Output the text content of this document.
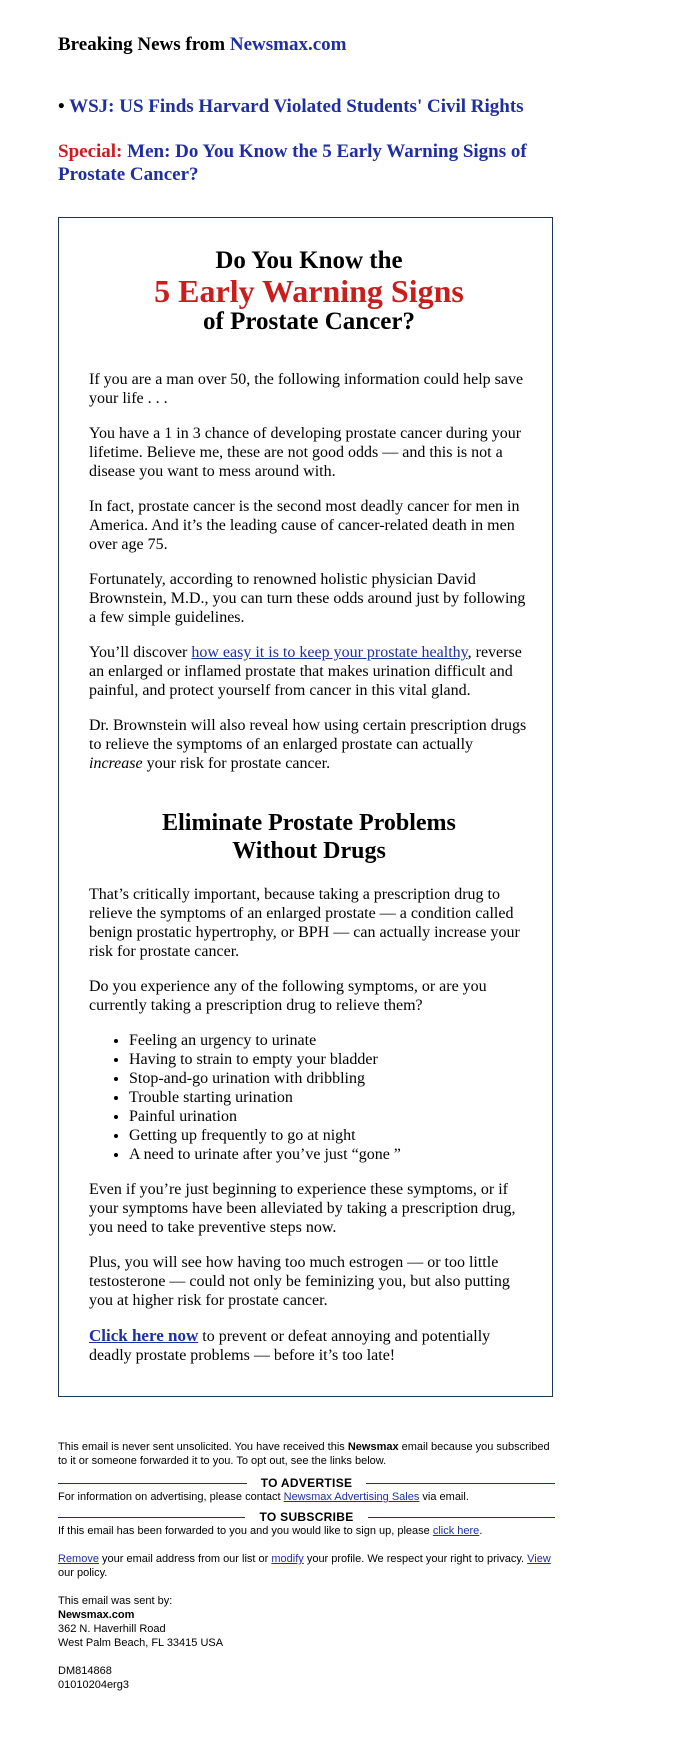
Breaking News from Newsmax.com
• WSJ: US Finds Harvard Violated Students' Civil Rights
Special: Men: Do You Know the 5 Early Warning Signs of Prostate Cancer?
Do You Know the
5 Early Warning Signs
of Prostate Cancer?

If you are a man over 50, the following information could help save your life . . .

You have a 1 in 3 chance of developing prostate cancer during your lifetime. Believe me, these are not good odds — and this is not a disease you want to mess around with.

In fact, prostate cancer is the second most deadly cancer for men in America. And it’s the leading cause of cancer-related death in men over age 75.

Fortunately, according to renowned holistic physician David Brownstein, M.D., you can turn these odds around just by following a few simple guidelines.

You’ll discover how easy it is to keep your prostate healthy, reverse an enlarged or inflamed prostate that makes urination difficult and painful, and protect yourself from cancer in this vital gland.

Dr. Brownstein will also reveal how using certain prescription drugs to relieve the symptoms of an enlarged prostate can actually increase your risk for prostate cancer.

Eliminate Prostate Problems
Without Drugs

That’s critically important, because taking a prescription drug to relieve the symptoms of an enlarged prostate — a condition called benign prostatic hypertrophy, or BPH — can actually increase your risk for prostate cancer.

Do you experience any of the following symptoms, or are you currently taking a prescription drug to relieve them?

• Feeling an urgency to urinate
• Having to strain to empty your bladder
• Stop-and-go urination with dribbling
• Trouble starting urination
• Painful urination
• Getting up frequently to go at night
• A need to urinate after you’ve just “gone ”

Even if you’re just beginning to experience these symptoms, or if your symptoms have been alleviated by taking a prescription drug, you need to take preventive steps now.

Plus, you will see how having too much estrogen — or too little testosterone — could not only be feminizing you, but also putting you at higher risk for prostate cancer.

Click here now to prevent or defeat annoying and potentially deadly prostate problems — before it’s too late!

This email is never sent unsolicited. You have received this Newsmax email because you subscribed to it or someone forwarded it to you. To opt out, see the links below.

TO ADVERTISE

For information on advertising, please contact Newsmax Advertising Sales via email.

TO SUBSCRIBE

If this email has been forwarded to you and you would like to sign up, please click here.

Remove your email address from our list or modify your profile. We respect your right to privacy. View our policy.

This email was sent by:

Newsmax.com

362 N. Haverhill Road

West Palm Beach, FL 33415 USA

DM814868

01010204erg3
